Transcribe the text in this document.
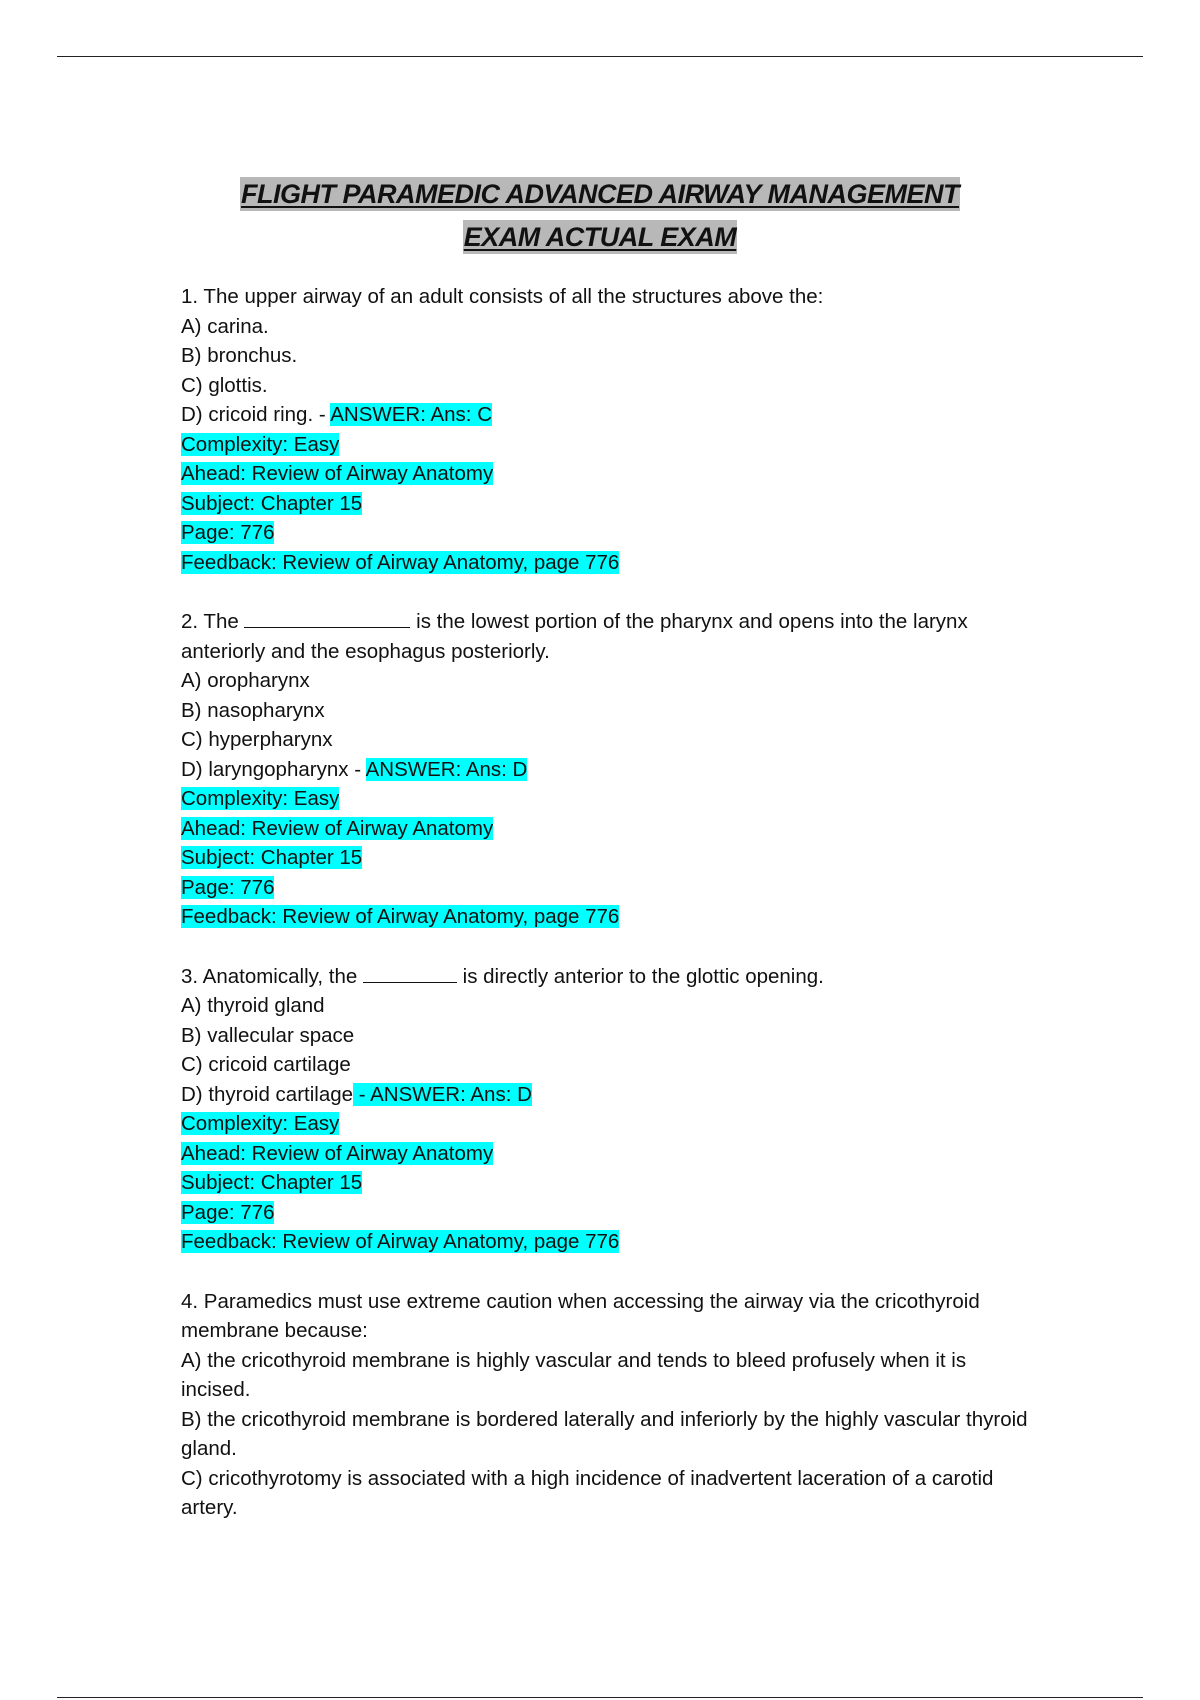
FLIGHT PARAMEDIC ADVANCED AIRWAY MANAGEMENT
EXAM ACTUAL EXAM
1. The upper airway of an adult consists of all the structures above the:
A) carina.
B) bronchus.
C) glottis.
D) cricoid ring. - ANSWER: Ans: C
Complexity: Easy
Ahead: Review of Airway Anatomy
Subject: Chapter 15
Page: 776
Feedback: Review of Airway Anatomy, page 776
2. The	is the lowest portion of the pharynx and opens into the larynx anteriorly and the esophagus posteriorly.
A) oropharynx
B) nasopharynx
C) hyperpharynx
D) laryngopharynx - ANSWER: Ans: D
Complexity: Easy
Ahead: Review of Airway Anatomy
Subject: Chapter 15
Page: 776
Feedback: Review of Airway Anatomy, page 776
3. Anatomically, the	is directly anterior to the glottic opening.
A) thyroid gland
B) vallecular space
C) cricoid cartilage
D) thyroid cartilage - ANSWER: Ans: D
Complexity: Easy
Ahead: Review of Airway Anatomy
Subject: Chapter 15
Page: 776
Feedback: Review of Airway Anatomy, page 776
4. Paramedics must use extreme caution when accessing the airway via the cricothyroid membrane because:
A) the cricothyroid membrane is highly vascular and tends to bleed profusely when it is incised.
B) the cricothyroid membrane is bordered laterally and inferiorly by the highly vascular thyroid gland.
C) cricothyrotomy is associated with a high incidence of inadvertent laceration of a carotid artery.
